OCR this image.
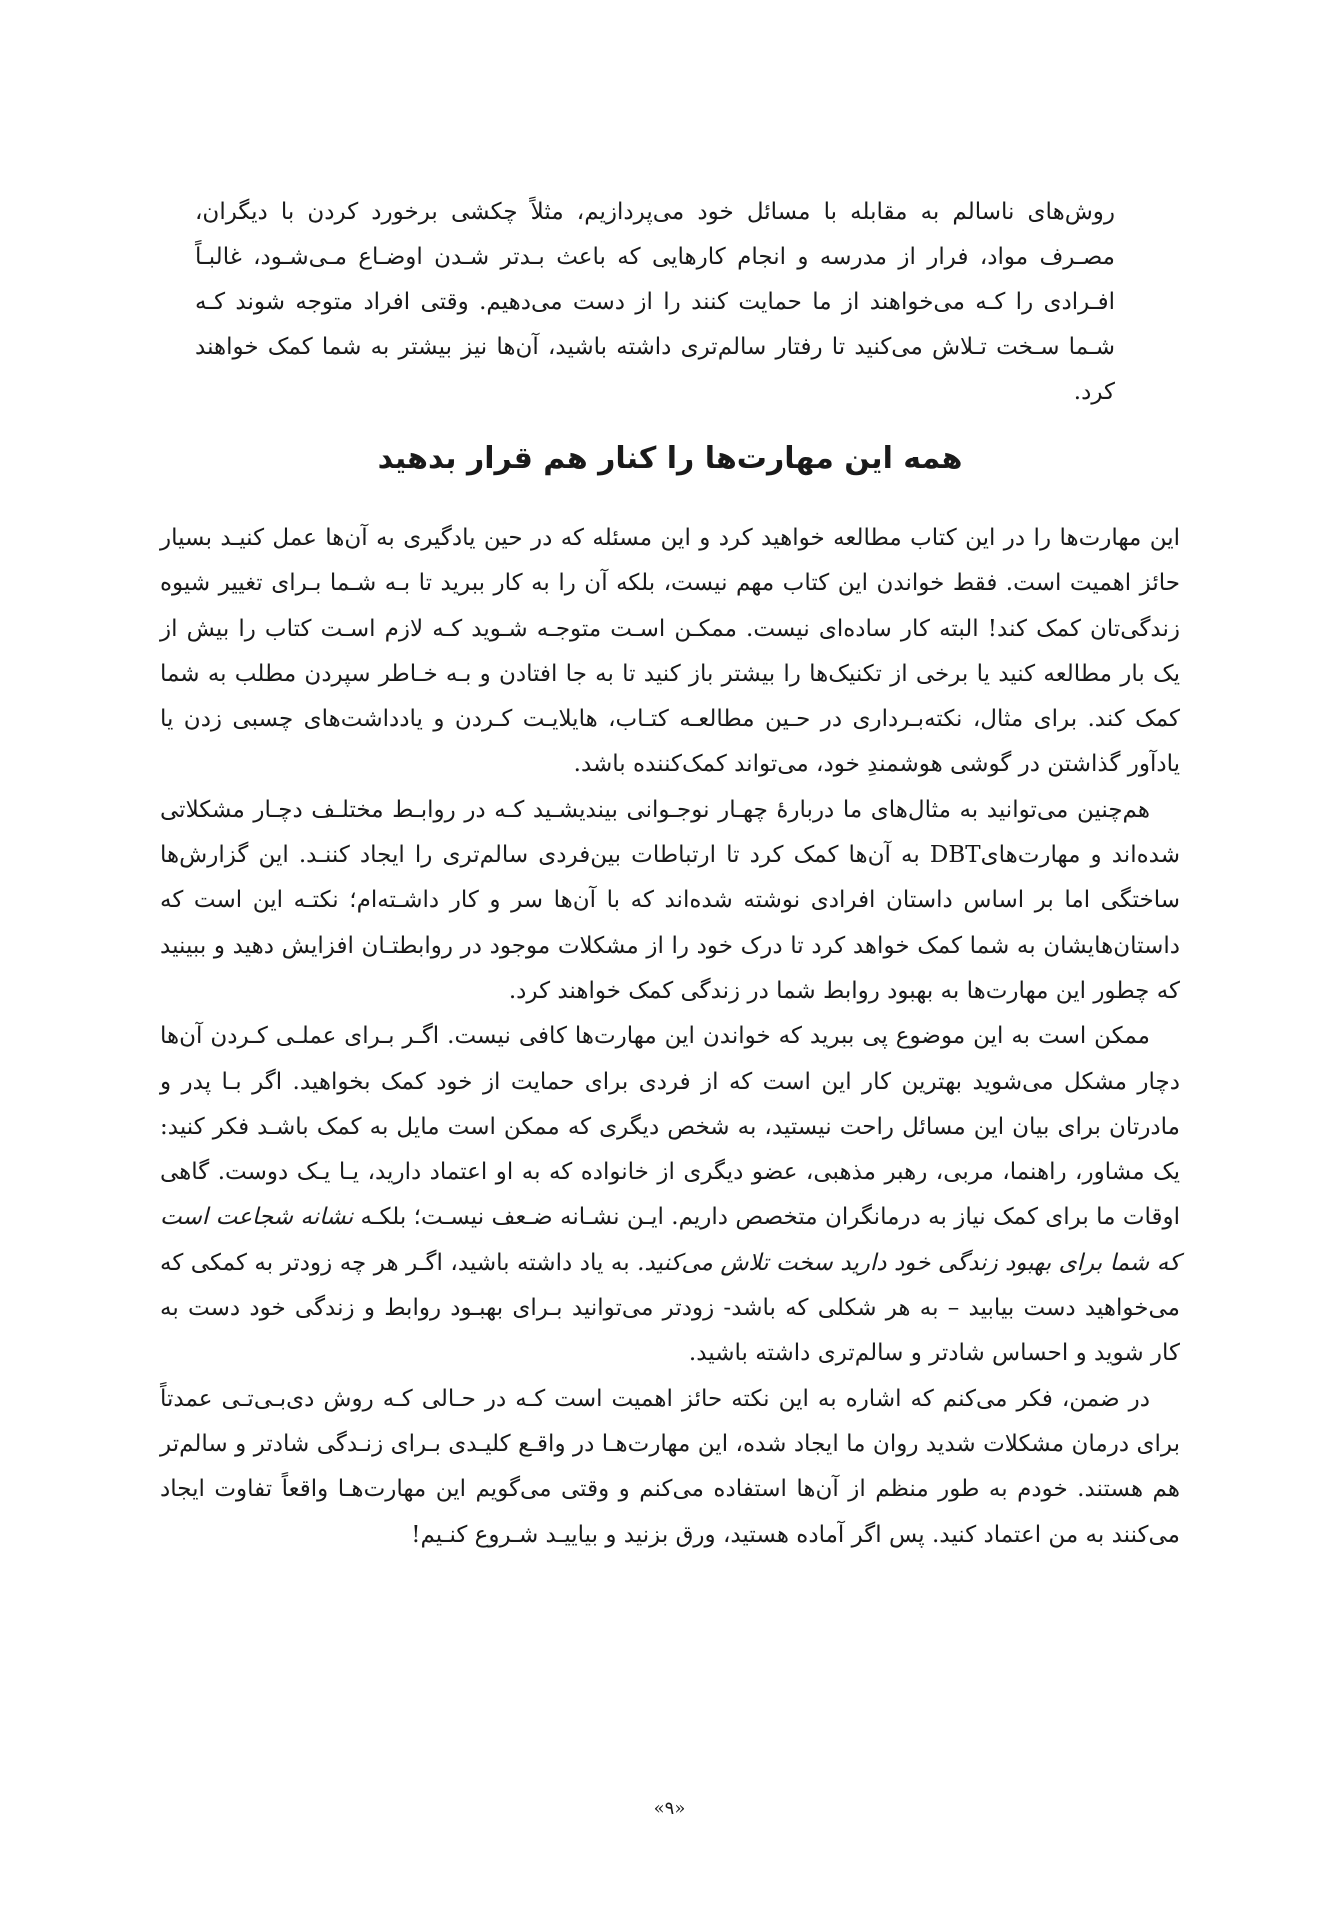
روش‌های ناسالم به مقابله با مسائل خود می‌پردازیم، مثلاً چکشی برخورد کردن با دیگران، مصـرف مواد، فرار از مدرسه و انجام کارهایی که باعث بـدتر شـدن اوضـاع مـی‌شـود، غالبـاً افـرادی را کـه می‌خواهند از ما حمایت کنند را از دست می‌دهیم. وقتی افراد متوجه شوند کـه شـما سـخت تـلاش می‌کنید تا رفتار سالم‌تری داشته باشید، آن‌ها نیز بیشتر به شما کمک خواهند کرد.

همه این مهارت‌ها را کنار هم قرار بدهید

این مهارت‌ها را در این کتاب مطالعه خواهید کرد و این مسئله که در حین یادگیری به آن‌ها عمل کنیـد بسیار حائز اهمیت است. فقط خواندن این کتاب مهم نیست، بلکه آن را به کار ببرید تا بـه شـما بـرای تغییر شیوه زندگی‌تان کمک کند! البته کار ساده‌ای نیست. ممکـن اسـت متوجـه شـوید کـه لازم اسـت کتاب را بیش از یک بار مطالعه کنید یا برخی از تکنیک‌ها را بیشتر باز کنید تا به جا افتادن و بـه خـاطر سپردن مطلب به شما کمک کند. برای مثال، نکته‌بـرداری در حـین مطالعـه کتـاب، هایلایـت کـردن و یادداشت‌های چسبی زدن یا یادآور گذاشتن در گوشی هوشمندِ خود، می‌تواند کمک‌کننده باشد.

هم‌چنین می‌توانید به مثال‌های ما دربارهٔ چهـار نوجـوانی بینديشـید کـه در روابـط مختلـف دچـار مشکلاتی شده‌اند و مهارت‌هایDBT به آن‌ها کمک کرد تا ارتباطات بین‌فردی سالم‌تری را ایجاد کننـد. این گزارش‌ها ساختگی اما بر اساس داستان افرادی نوشته شده‌اند که با آن‌ها سر و کار داشـته‌ام؛ نکتـه این است که داستان‌هایشان به شما کمک خواهد کرد تا درک خود را از مشکلات موجود در روابطتـان افزایش دهید و ببینید که چطور این مهارت‌ها به بهبود روابط شما در زندگی کمک خواهند کرد.

ممکن است به این موضوع پی ببرید که خواندن این مهارت‌ها کافی نیست. اگـر بـرای عملـی کـردن آن‌ها دچار مشکل می‌شوید بهترین کار این است که از فردی برای حمایت از خود کمک بخواهید. اگر بـا پدر و مادرتان برای بیان این مسائل راحت نیستید، به شخص دیگری که ممکن است مایل به کمک باشـد فکر کنید: یک مشاور، راهنما، مربی، رهبر مذهبی، عضو دیگری از خانواده که به او اعتماد دارید، یـا یـک دوست. گاهی اوقات ما برای کمک نیاز به درمانگران متخصص داریم. ایـن نشـانه ضـعف نیسـت؛ بلکـه نشانه شجاعت است که شما برای بهبود زندگی خود دارید سخت تلاش می‌کنید. به یاد داشته باشید، اگـر هر چه زودتر به کمکی که می‌خواهید دست بیابید – به هر شکلی که باشد- زودتر می‌توانید بـرای بهبـود روابط و زندگی خود دست به کار شوید و احساس شادتر و سالم‌تری داشته باشید.

در ضمن، فکر می‌کنم که اشاره به این نکته حائز اهمیت است کـه در حـالی کـه روش دی‌بـی‌تـی عمدتاً برای درمان مشکلات شدید روان ما ایجاد شده، این مهارت‌هـا در واقـع کلیـدی بـرای زنـدگی شادتر و سالم‌تر هم هستند. خودم به طور منظم از آن‌ها استفاده می‌کنم و وقتی می‌گویم این مهارت‌هـا واقعاً تفاوت ایجاد می‌کنند به من اعتماد کنید. پس اگر آماده هستید، ورق بزنید و بیاییـد شـروع کنـیم!

«۹»
